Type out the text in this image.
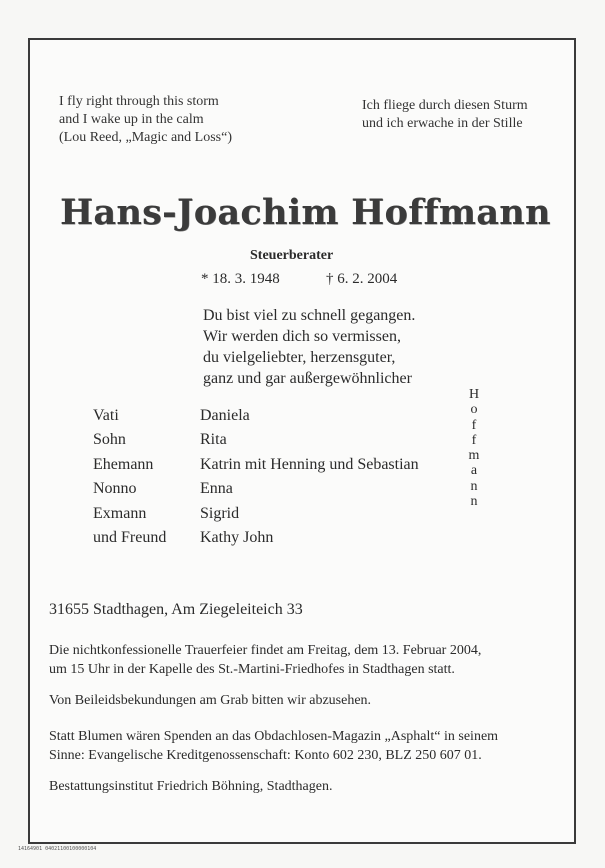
I fly right through this storm
and I wake up in the calm
(Lou Reed, „Magic and Loss“)
Ich fliege durch diesen Sturm
und ich erwache in der Stille
Hans-Joachim Hoffmann
Steuerberater
* 18. 3. 1948	† 6. 2. 2004
Du bist viel zu schnell gegangen.
Wir werden dich so vermissen,
du vielgeliebter, herzensguter,
ganz und gar außergewöhnlicher
H
o
f
f
m
a
n
n
Vati
Sohn
Ehemann
Nonno
Exmann
und Freund
Daniela
Rita
Katrin mit Henning und Sebastian
Enna
Sigrid
Kathy John
31655 Stadthagen, Am Ziegeleiteich 33
Die nichtkonfessionelle Trauerfeier findet am Freitag, dem 13. Februar 2004,
um 15 Uhr in der Kapelle des St.-Martini-Friedhofes in Stadthagen statt.
Von Beileidsbekundungen am Grab bitten wir abzusehen.
Statt Blumen wären Spenden an das Obdachlosen-Magazin „Asphalt“ in seinem
Sinne: Evangelische Kreditgenossenschaft: Konto 602 230, BLZ 250 607 01.
Bestattungsinstitut Friedrich Böhning, Stadthagen.
14164901 04021100100000104
